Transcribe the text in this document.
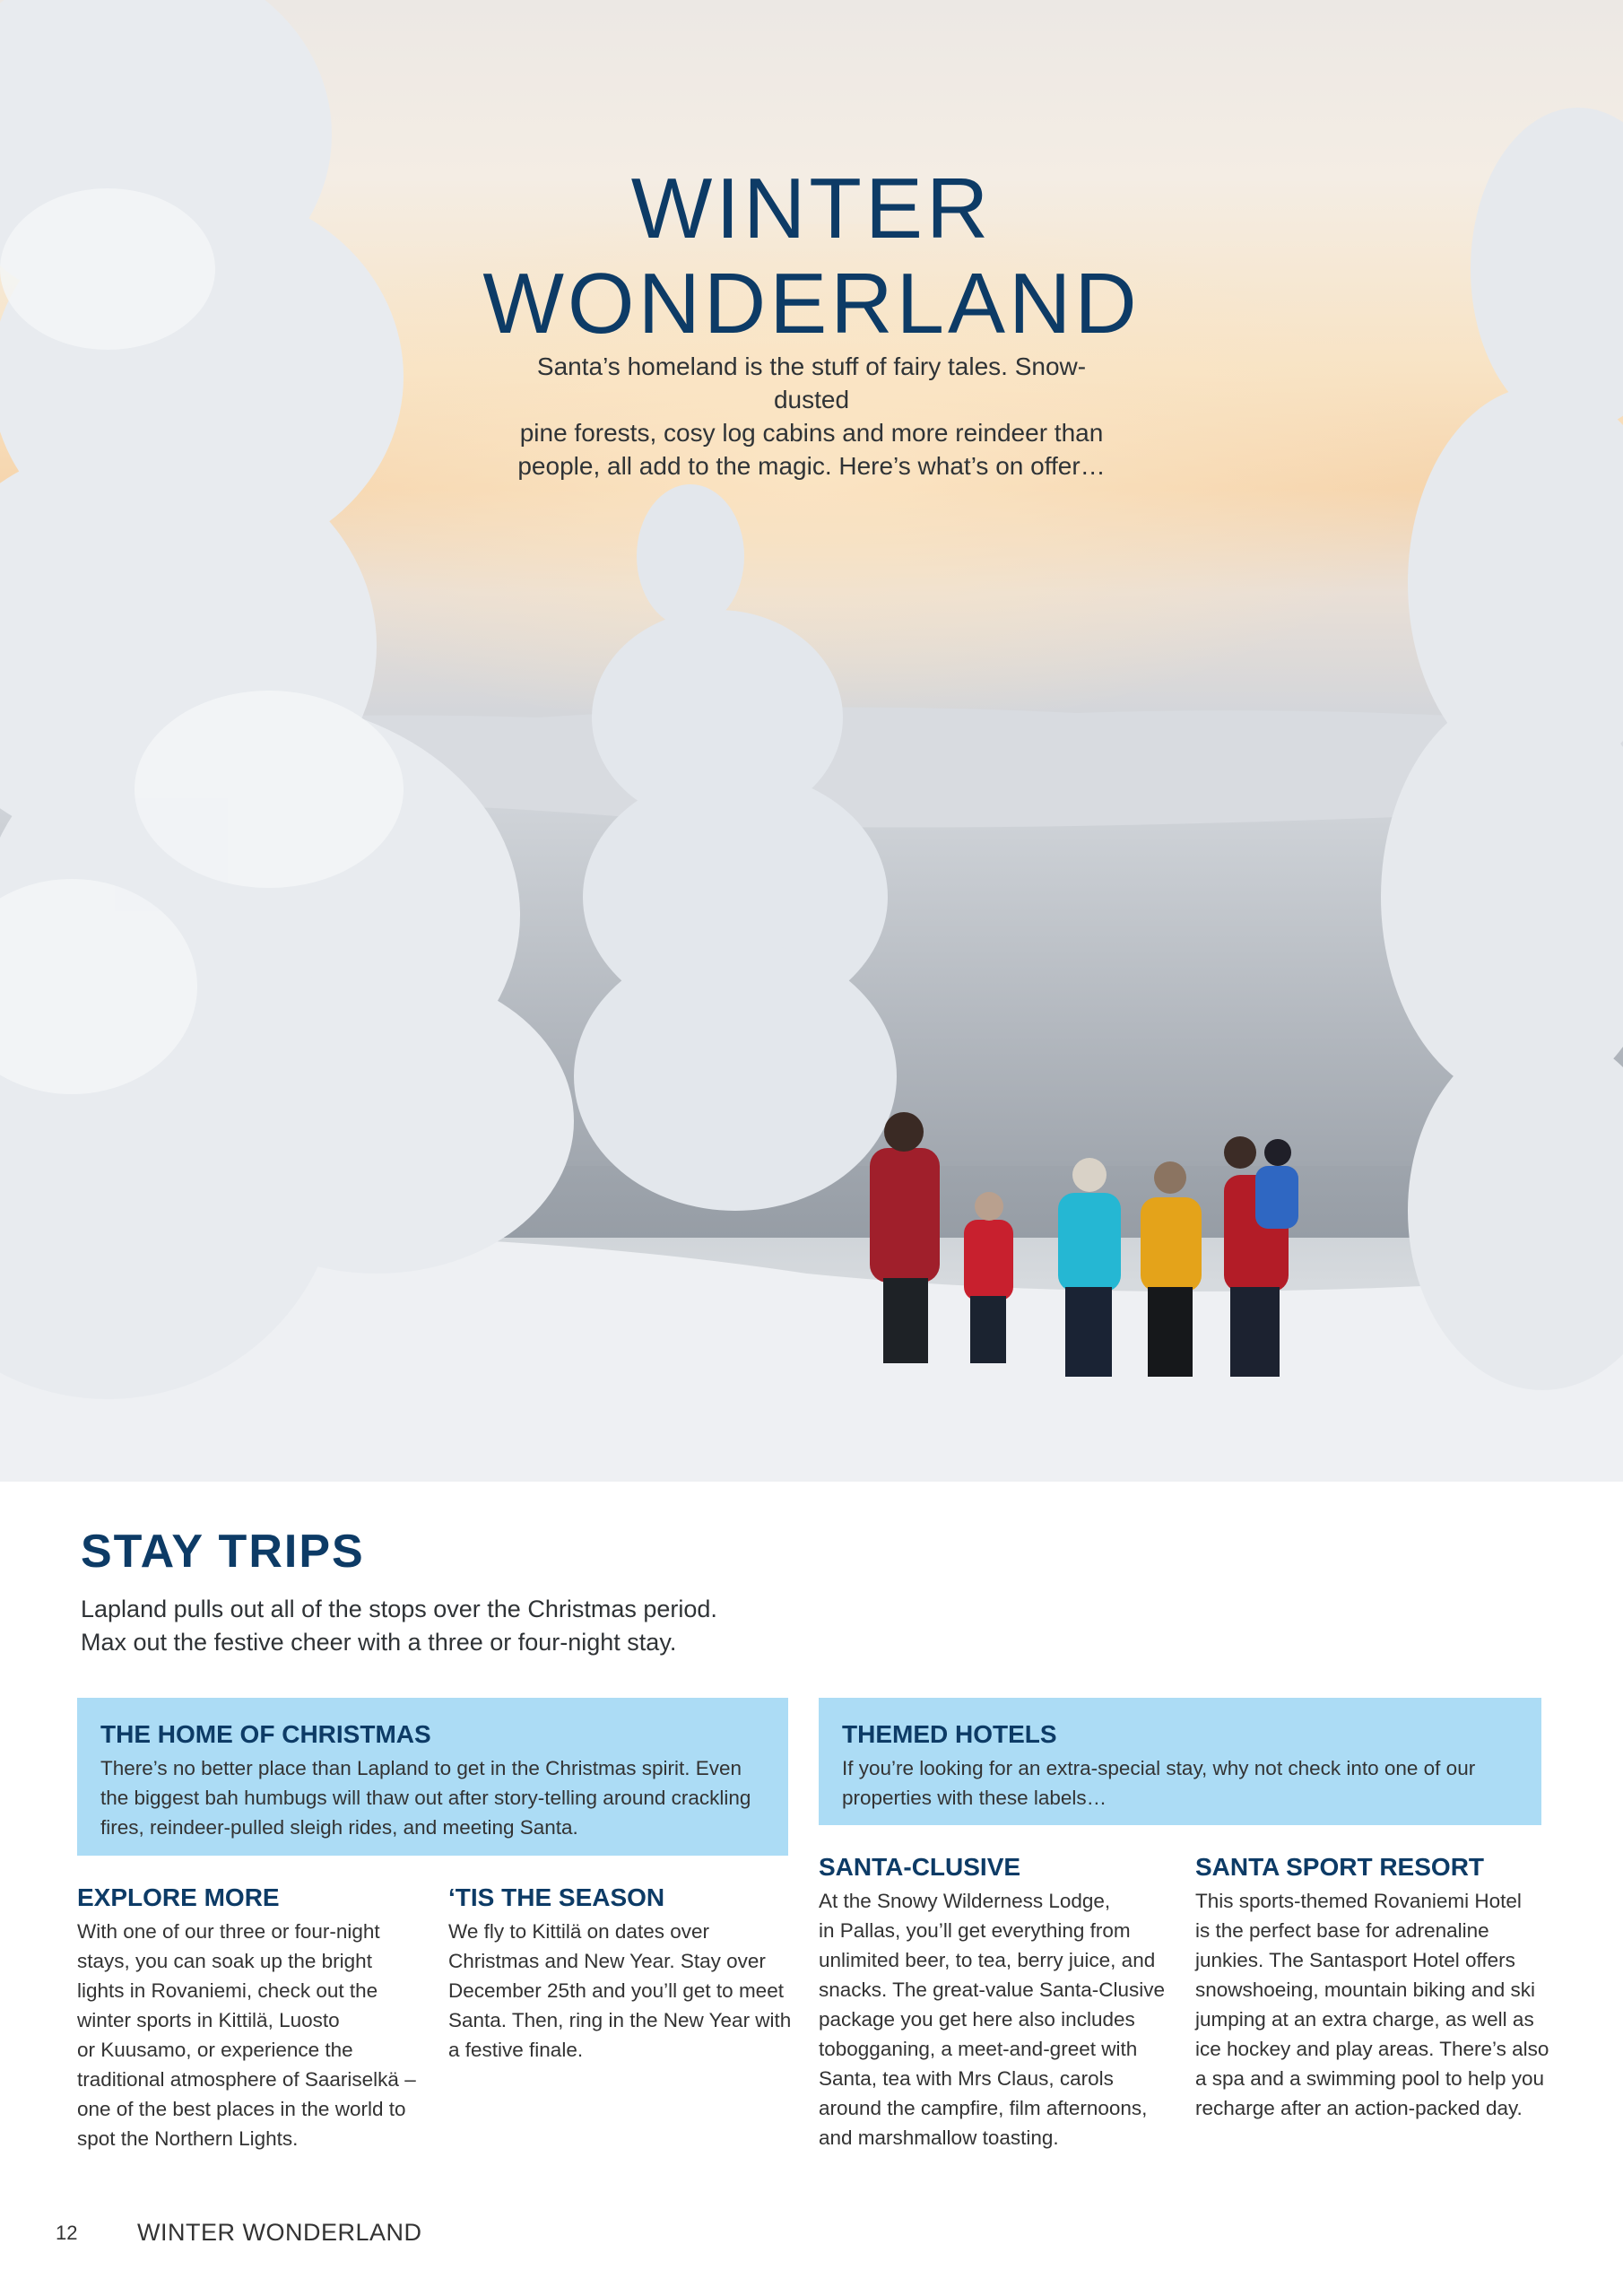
WINTER
WONDERLAND

Santa’s homeland is the stuff of fairy tales. Snow-dusted
pine forests, cosy log cabins and more reindeer than
people, all add to the magic. Here’s what’s on offer…

STAY TRIPS

Lapland pulls out all of the stops over the Christmas period.
Max out the festive cheer with a three or four-night stay.

THE HOME OF CHRISTMAS

There’s no better place than Lapland to get in the Christmas spirit. Even
the biggest bah humbugs will thaw out after story-telling around crackling
fires, reindeer-pulled sleigh rides, and meeting Santa.

THEMED HOTELS

If you’re looking for an extra-special stay, why not check into one of our
properties with these labels…

EXPLORE MORE

With one of our three or four-night
stays, you can soak up the bright
lights in Rovaniemi, check out the
winter sports in Kittilä, Luosto
or Kuusamo, or experience the
traditional atmosphere of Saariselkä –
one of the best places in the world to
spot the Northern Lights.

‘TIS THE SEASON

We fly to Kittilä on dates over
Christmas and New Year. Stay over
December 25th and you’ll get to meet
Santa. Then, ring in the New Year with
a festive finale.

SANTA-CLUSIVE

At the Snowy Wilderness Lodge,
in Pallas, you’ll get everything from
unlimited beer, to tea, berry juice, and
snacks. The great-value Santa-Clusive
package you get here also includes
tobogganing, a meet-and-greet with
Santa, tea with Mrs Claus, carols
around the campfire, film afternoons,
and marshmallow toasting.

SANTA SPORT RESORT

This sports-themed Rovaniemi Hotel
is the perfect base for adrenaline
junkies. The Santasport Hotel offers
snowshoeing, mountain biking and ski
jumping at an extra charge, as well as
ice hockey and play areas. There’s also
a spa and a swimming pool to help you
recharge after an action-packed day.

12 WINTER WONDERLAND
